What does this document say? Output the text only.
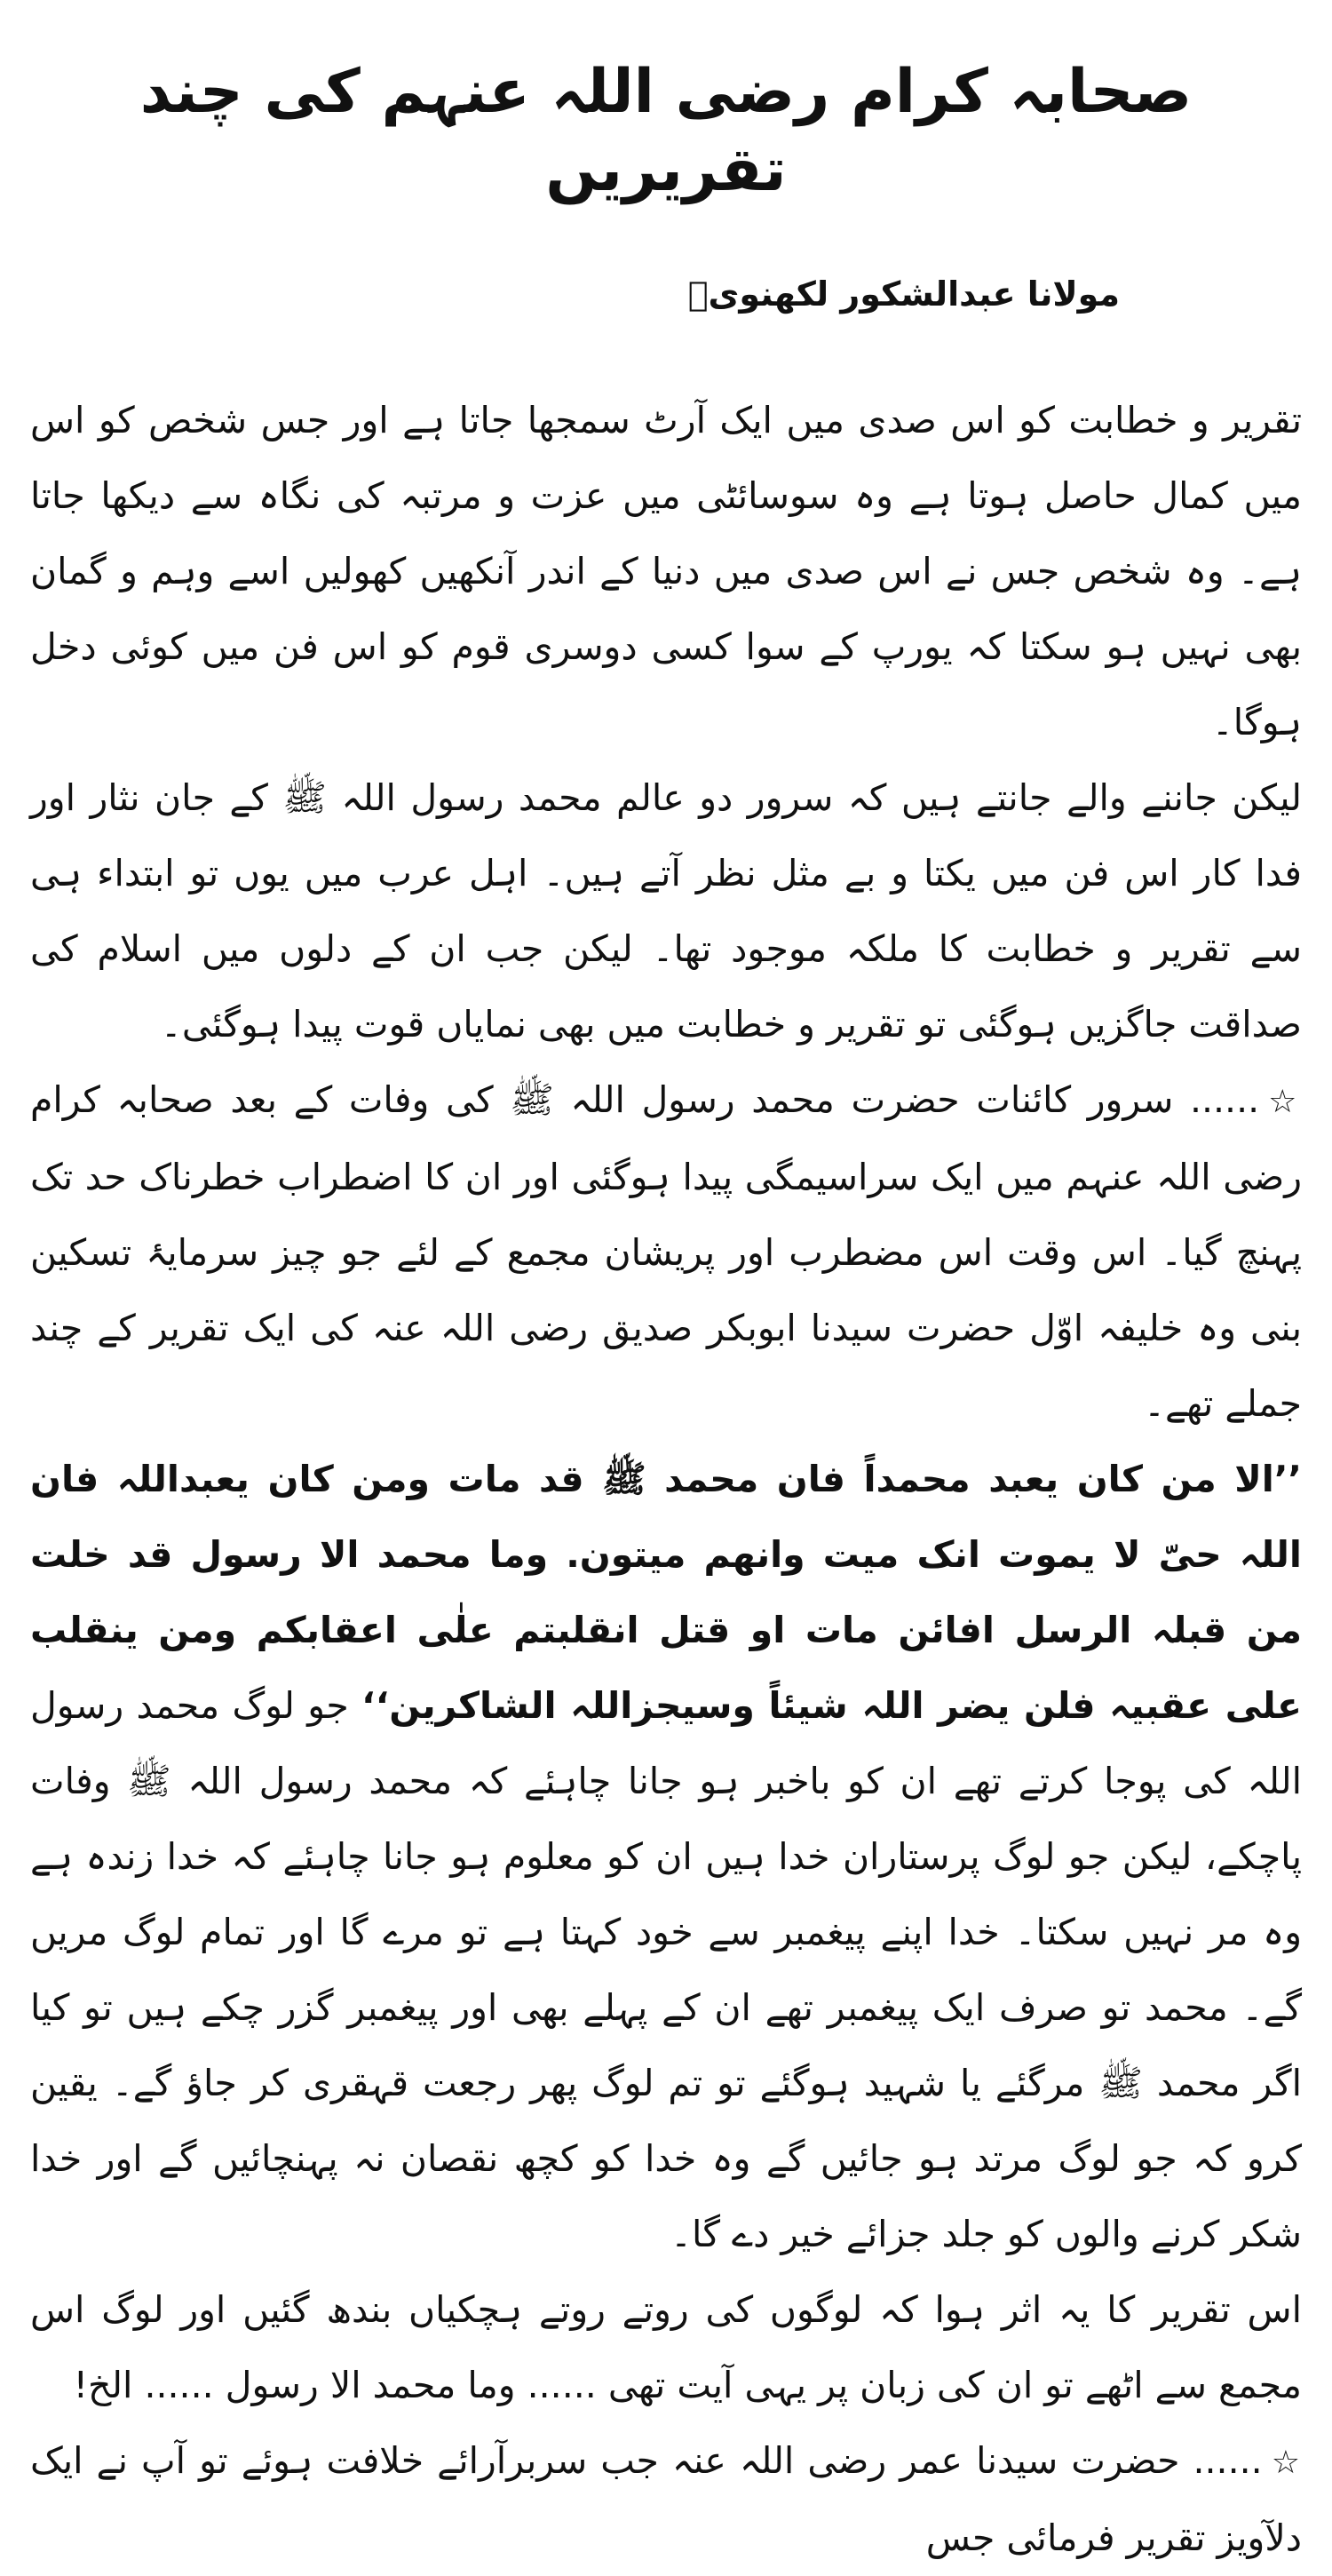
صحابہ کرام رضی اللہ عنہم کی چند تقریریں
مولانا عبدالشکور لکھنویؒ

تقریر و خطابت کو اس صدی میں ایک آرٹ سمجھا جاتا ہے اور جس شخص کو اس میں کمال حاصل ہوتا ہے وہ سوسائٹی میں عزت و مرتبہ کی نگاہ سے دیکھا جاتا ہے۔ وہ شخص جس نے اس صدی میں دنیا کے اندر آنکھیں کھولیں اسے وہم و گمان بھی نہیں ہو سکتا کہ یورپ کے سوا کسی دوسری قوم کو اس فن میں کوئی دخل ہوگا۔

لیکن جاننے والے جانتے ہیں کہ سرور دو عالم محمد رسول اللہ ﷺ کے جان نثار اور فدا کار اس فن میں یکتا و بے مثل نظر آتے ہیں۔ اہل عرب میں یوں تو ابتداء ہی سے تقریر و خطابت کا ملکہ موجود تھا۔ لیکن جب ان کے دلوں میں اسلام کی صداقت جاگزیں ہوگئی تو تقریر و خطابت میں بھی نمایاں قوت پیدا ہوگئی۔

☆...... سرور کائنات حضرت محمد رسول اللہ ﷺ کی وفات کے بعد صحابہ کرام رضی اللہ عنہم میں ایک سراسیمگی پیدا ہوگئی اور ان کا اضطراب خطرناک حد تک پہنچ گیا۔ اس وقت اس مضطرب اور پریشان مجمع کے لئے جو چیز سرمایۂ تسکین بنی وہ خلیفہ اوّل حضرت سیدنا ابوبکر صدیق رضی اللہ عنہ کی ایک تقریر کے چند جملے تھے۔

’’الا من کان یعبد محمداً فان محمد ﷺ قد مات ومن کان یعبداللہ فان اللہ حیّ لا یموت انک میت وانھم میتون. وما محمد الا رسول قد خلت من قبلہ الرسل افائن مات او قتل انقلبتم علٰی اعقابکم ومن ینقلب علی عقبیہ فلن یضر اللہ شیئاً وسیجزاللہ الشاکرین‘‘ جو لوگ محمد رسول اللہ کی پوجا کرتے تھے ان کو باخبر ہو جانا چاہئے کہ محمد رسول اللہ ﷺ وفات پاچکے، لیکن جو لوگ پرستاران خدا ہیں ان کو معلوم ہو جانا چاہئے کہ خدا زندہ ہے وہ مر نہیں سکتا۔ خدا اپنے پیغمبر سے خود کہتا ہے تو مرے گا اور تمام لوگ مریں گے۔ محمد تو صرف ایک پیغمبر تھے ان کے پہلے بھی اور پیغمبر گزر چکے ہیں تو کیا اگر محمد ﷺ مرگئے یا شہید ہوگئے تو تم لوگ پھر رجعت قہقری کر جاؤ گے۔ یقین کرو کہ جو لوگ مرتد ہو جائیں گے وہ خدا کو کچھ نقصان نہ پہنچائیں گے اور خدا شکر کرنے والوں کو جلد جزائے خیر دے گا۔

اس تقریر کا یہ اثر ہوا کہ لوگوں کی روتے روتے ہچکیاں بندھ گئیں اور لوگ اس مجمع سے اٹھے تو ان کی زبان پر یہی آیت تھی ...... وما محمد الا رسول ...... الخ!

☆...... حضرت سیدنا عمر رضی اللہ عنہ جب سربرآرائے خلافت ہوئے تو آپ نے ایک دلآویز تقریر فرمائی جس
